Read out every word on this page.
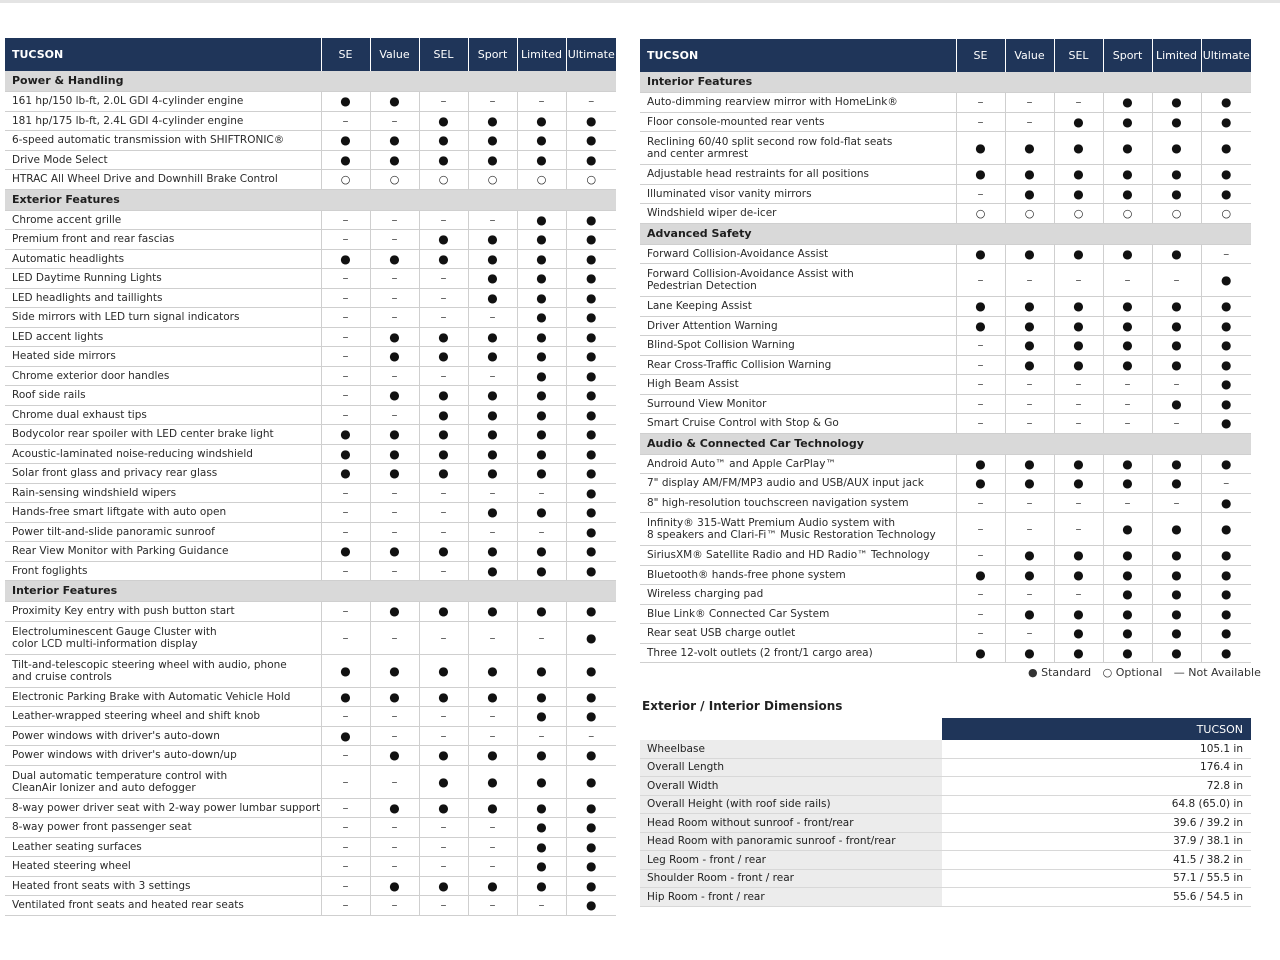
TUCSON	SE	Value	SEL	Sport	Limited	Ultimate
Power & Handling						

161 hp/150 lb-ft, 2.0L GDI 4-cylinder engine	●	●	–	–	–	–

181 hp/175 lb-ft, 2.4L GDI 4-cylinder engine	–	–	●	●	●	●

6-speed automatic transmission with SHIFTRONIC®	●	●	●	●	●	●

Drive Mode Select	●	●	●	●	●	●

HTRAC All Wheel Drive and Downhill Brake Control	○	○	○	○	○	○
Exterior Features						

Chrome accent grille	–	–	–	–	●	●

Premium front and rear fascias	–	–	●	●	●	●

Automatic headlights	●	●	●	●	●	●

LED Daytime Running Lights	–	–	–	●	●	●

LED headlights and taillights	–	–	–	●	●	●

Side mirrors with LED turn signal indicators	–	–	–	–	●	●

LED accent lights	–	●	●	●	●	●

Heated side mirrors	–	●	●	●	●	●

Chrome exterior door handles	–	–	–	–	●	●

Roof side rails	–	●	●	●	●	●

Chrome dual exhaust tips	–	–	●	●	●	●

Bodycolor rear spoiler with LED center brake light	●	●	●	●	●	●

Acoustic-laminated noise-reducing windshield	●	●	●	●	●	●

Solar front glass and privacy rear glass	●	●	●	●	●	●

Rain-sensing windshield wipers	–	–	–	–	–	●

Hands-free smart liftgate with auto open	–	–	–	●	●	●

Power tilt-and-slide panoramic sunroof	–	–	–	–	–	●

Rear View Monitor with Parking Guidance	●	●	●	●	●	●

Front foglights	–	–	–	●	●	●
Interior Features						

Proximity Key entry with push button start	–	●	●	●	●	●

Electroluminescent Gauge Cluster with
color LCD multi-information display	–	–	–	–	–	●

Tilt-and-telescopic steering wheel with audio, phone
and cruise controls	●	●	●	●	●	●

Electronic Parking Brake with Automatic Vehicle Hold	●	●	●	●	●	●

Leather-wrapped steering wheel and shift knob	–	–	–	–	●	●

Power windows with driver's auto-down	●	–	–	–	–	–

Power windows with driver's auto-down/up	–	●	●	●	●	●

Dual automatic temperature control with
CleanAir Ionizer and auto defogger	–	–	●	●	●	●

8-way power driver seat with 2-way power lumbar support	–	●	●	●	●	●

8-way power front passenger seat	–	–	–	–	●	●

Leather seating surfaces	–	–	–	–	●	●

Heated steering wheel	–	–	–	–	●	●

Heated front seats with 3 settings	–	●	●	●	●	●

Ventilated front seats and heated rear seats	–	–	–	–	–	●
TUCSON	SE	Value	SEL	Sport	Limited	Ultimate
Interior Features						

Auto-dimming rearview mirror with HomeLink®	–	–	–	●	●	●

Floor console-mounted rear vents	–	–	●	●	●	●

Reclining 60/40 split second row fold-flat seats
and center armrest	●	●	●	●	●	●

Adjustable head restraints for all positions	●	●	●	●	●	●

Illuminated visor vanity mirrors	–	●	●	●	●	●

Windshield wiper de-icer	○	○	○	○	○	○
Advanced Safety						

Forward Collision-Avoidance Assist	●	●	●	●	●	–

Forward Collision-Avoidance Assist with
Pedestrian Detection	–	–	–	–	–	●

Lane Keeping Assist	●	●	●	●	●	●

Driver Attention Warning	●	●	●	●	●	●

Blind-Spot Collision Warning	–	●	●	●	●	●

Rear Cross-Traffic Collision Warning	–	●	●	●	●	●

High Beam Assist	–	–	–	–	–	●

Surround View Monitor	–	–	–	–	●	●

Smart Cruise Control with Stop & Go	–	–	–	–	–	●
Audio & Connected Car Technology						

Android Auto™ and Apple CarPlay™	●	●	●	●	●	●

7" display AM/FM/MP3 audio and USB/AUX input jack	●	●	●	●	●	–

8" high-resolution touchscreen navigation system	–	–	–	–	–	●

Infinity® 315-Watt Premium Audio system with
8 speakers and Clari-Fi™ Music Restoration Technology	–	–	–	●	●	●

SiriusXM® Satellite Radio and HD Radio™ Technology	–	●	●	●	●	●

Bluetooth® hands-free phone system	●	●	●	●	●	●

Wireless charging pad	–	–	–	●	●	●

Blue Link® Connected Car System	–	●	●	●	●	●

Rear seat USB charge outlet	–	–	●	●	●	●

Three 12-volt outlets (2 front/1 cargo area)	●	●	●	●	●	●
● Standard ○ Optional — Not Available
Exterior / Interior Dimensions
	TUCSON
Wheelbase	105.1 in
Overall Length	176.4 in
Overall Width	72.8 in
Overall Height (with roof side rails)	64.8 (65.0) in
Head Room without sunroof - front/rear	39.6 / 39.2 in
Head Room with panoramic sunroof - front/rear	37.9 / 38.1 in
Leg Room - front / rear	41.5 / 38.2 in
Shoulder Room - front / rear	57.1 / 55.5 in
Hip Room - front / rear	55.6 / 54.5 in
